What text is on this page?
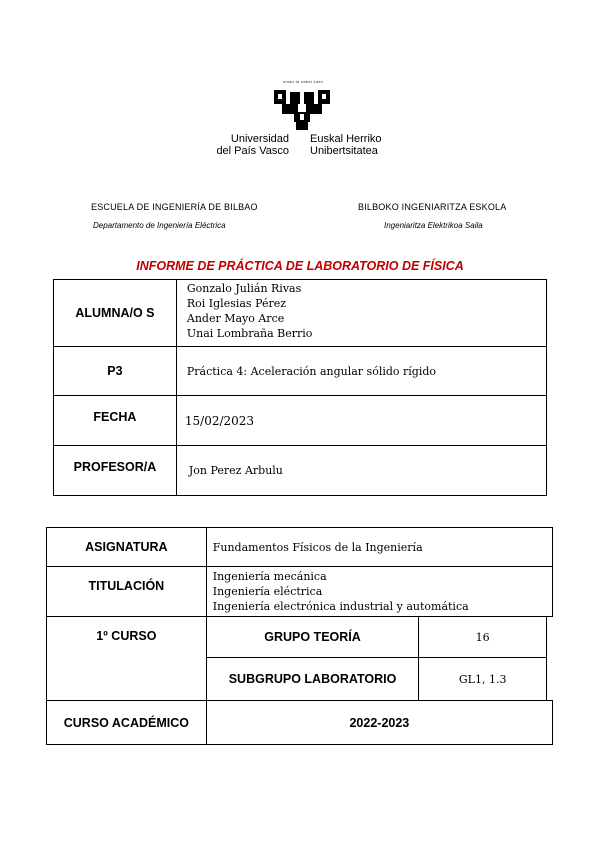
eman ta zabal zazu
Universidad
del País Vasco
Euskal Herriko
Unibertsitatea
ESCUELA DE INGENIERÍA DE BILBAO	BILBOKO INGENIARITZA ESKOLA
Departamento de Ingeniería Eléctrica	Ingeniaritza Elektrikoa Saila
INFORME DE PRÁCTICA DE LABORATORIO DE FÍSICA
ALUMNA/O S	Gonzalo Julián Rivas
Roi Iglesias Pérez
Ander Mayo Arce
Unai Lombraña Berrio

P3	Práctica 4: Aceleración angular sólido rígido
FECHA	15/02/2023
PROFESOR/A	Jon Perez Arbulu
ASIGNATURA	Fundamentos Físicos de la Ingeniería		
TITULACIÓN	Ingeniería mecánica
Ingeniería eléctrica
Ingeniería electrónica industrial y automática		

1º CURSO	GRUPO TEORÍA	16	
	SUBGRUPO LABORATORIO	GL1, 1.3	
CURSO ACADÉMICO	2022-2023		
